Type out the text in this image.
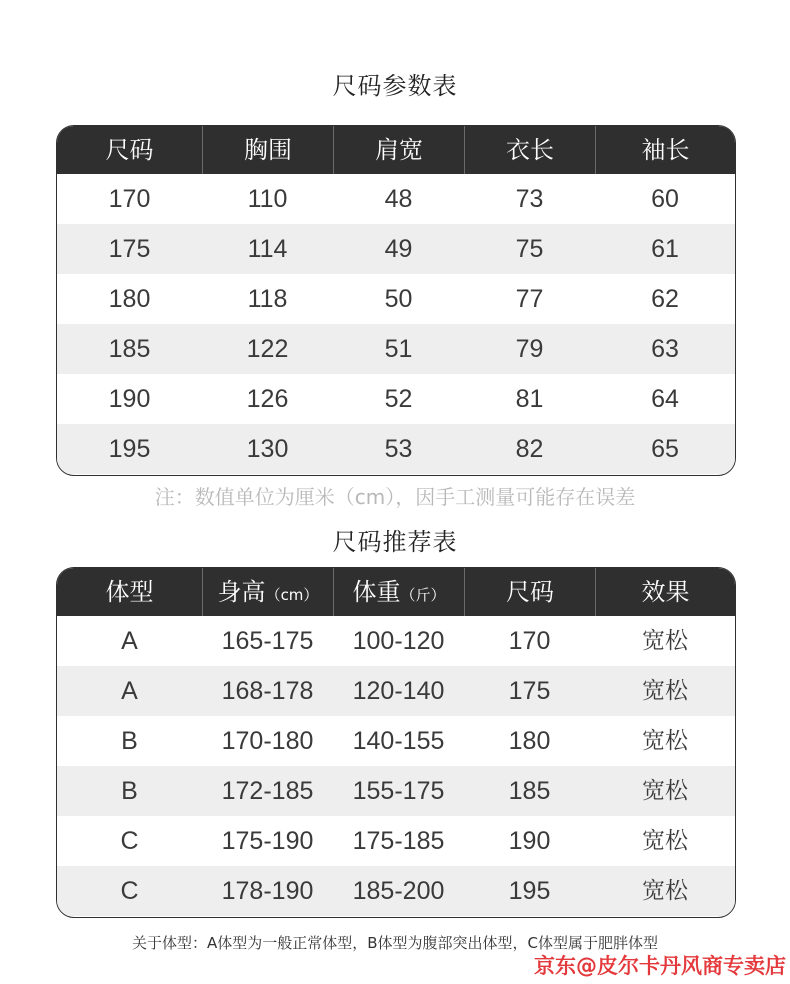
尺码参数表
尺码	胸围	肩宽	衣长	袖长
170	110	48	73	60
175	114	49	75	61
180	118	50	77	62
185	122	51	79	63
190	126	52	81	64
195	130	53	82	65
注：数值单位为厘米（cm），因手工测量可能存在误差
尺码推荐表
体型	身高（cm）	体重（斤）	尺码	效果
A	165-175	100-120	170	宽松
A	168-178	120-140	175	宽松
B	170-180	140-155	180	宽松
B	172-185	155-175	185	宽松
C	175-190	175-185	190	宽松
C	178-190	185-200	195	宽松
关于体型：A体型为一般正常体型，B体型为腹部突出体型，C体型属于肥胖体型
京东@皮尔卡丹风商专卖店
